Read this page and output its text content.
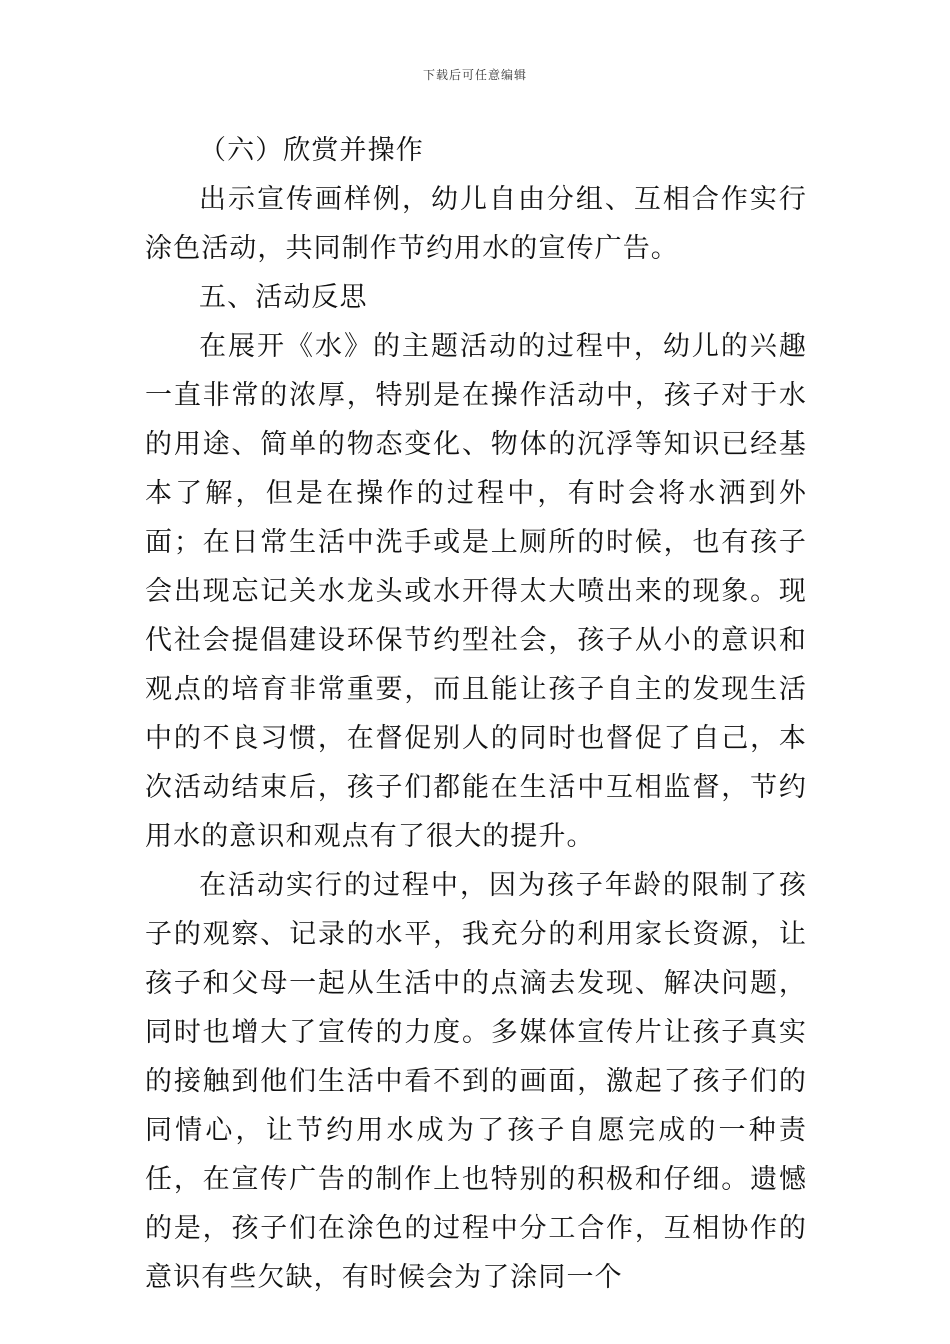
下载后可任意编辑

（六）欣赏并操作

出示宣传画样例，幼儿自由分组、互相合作实行涂色活动，共同制作节约用水的宣传广告。

五、活动反思

在展开《水》的主题活动的过程中，幼儿的兴趣一直非常的浓厚，特别是在操作活动中，孩子对于水的用途、简单的物态变化、物体的沉浮等知识已经基本了解，但是在操作的过程中，有时会将水洒到外面；在日常生活中洗手或是上厕所的时候，也有孩子会出现忘记关水龙头或水开得太大喷出来的现象。现代社会提倡建设环保节约型社会，孩子从小的意识和观点的培育非常重要，而且能让孩子自主的发现生活中的不良习惯，在督促别人的同时也督促了自己，本次活动结束后，孩子们都能在生活中互相监督，节约用水的意识和观点有了很大的提升。

在活动实行的过程中，因为孩子年龄的限制了孩子的观察、记录的水平，我充分的利用家长资源，让孩子和父母一起从生活中的点滴去发现、解决问题，同时也增大了宣传的力度。多媒体宣传片让孩子真实的接触到他们生活中看不到的画面，激起了孩子们的同情心，让节约用水成为了孩子自愿完成的一种责任，在宣传广告的制作上也特别的积极和仔细。遗憾的是，孩子们在涂色的过程中分工合作，互相协作的意识有些欠缺，有时候会为了涂同一个
